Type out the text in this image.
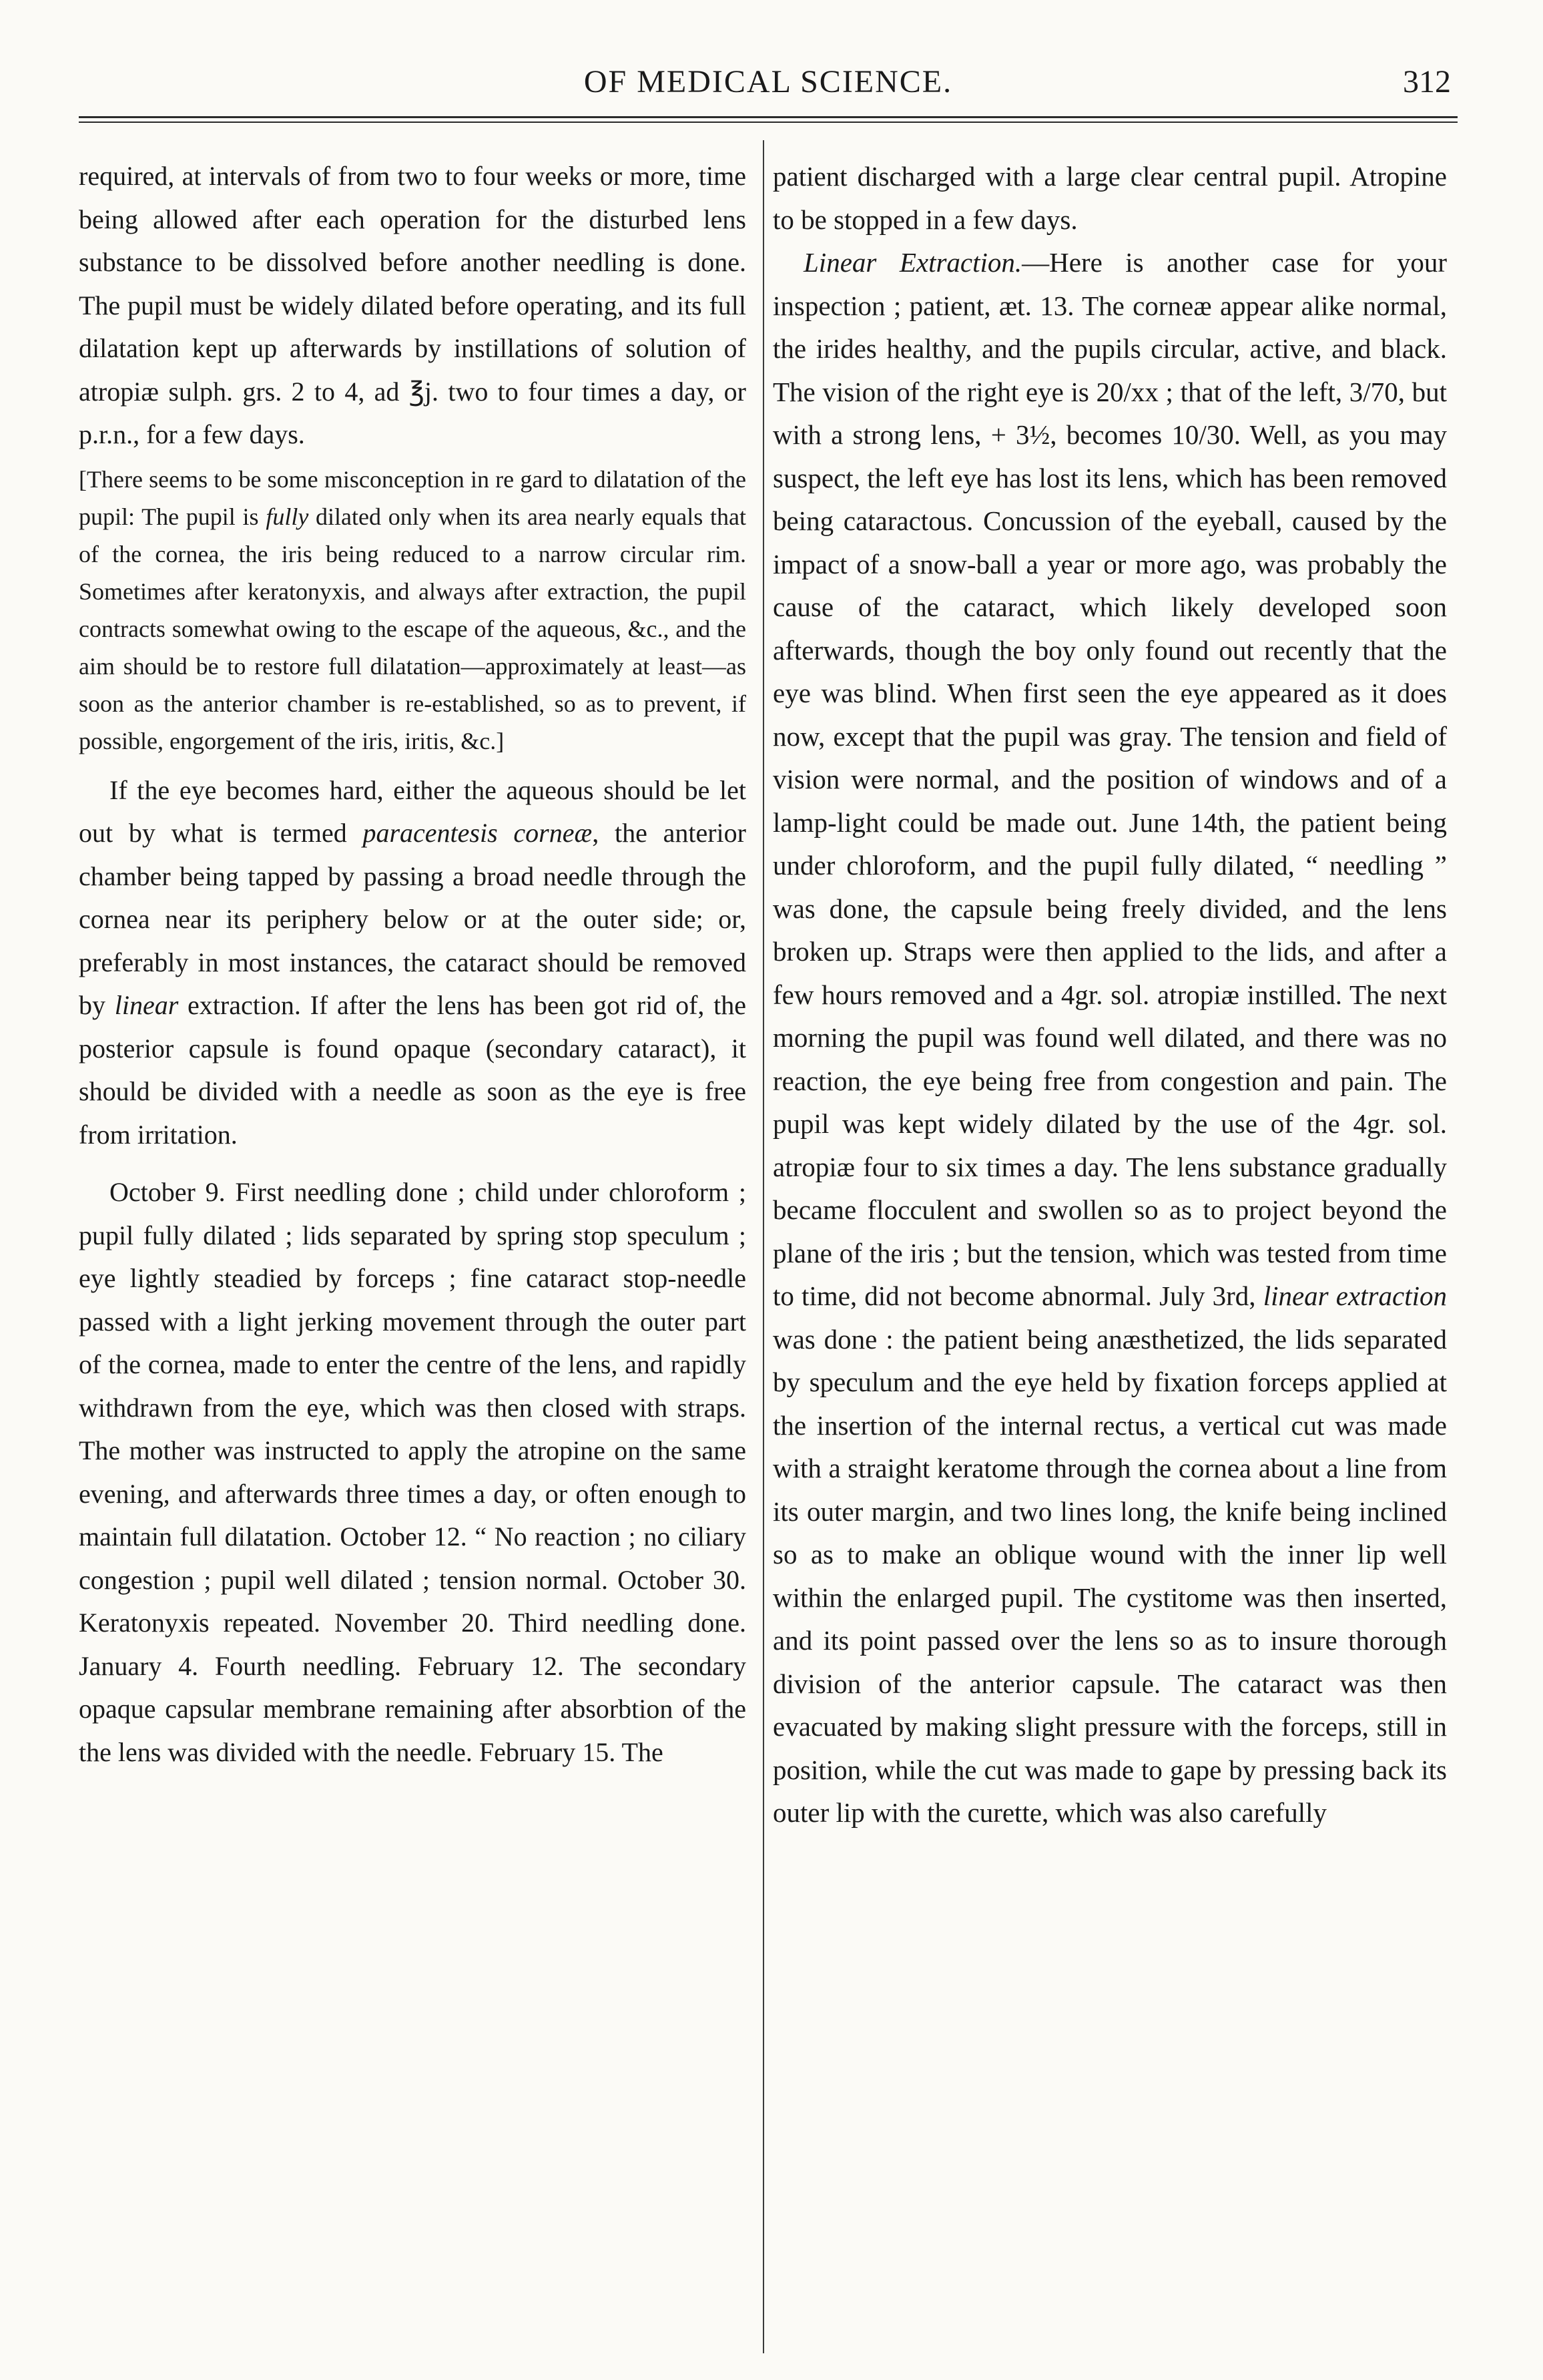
OF MEDICAL SCIENCE.	312

required, at intervals of from two to four weeks or more, time being allowed after each operation for the disturbed lens substance to be dissolved before another needling is done. The pupil must be widely dilated before operating, and its full dilatation kept up afterwards by instillations of solution of atropiæ sulph. grs. 2 to 4, ad ℥j. two to four times a day, or p.r.n., for a few days.

[There seems to be some misconception in re gard to dilatation of the pupil: The pupil is fully dilated only when its area nearly equals that of the cornea, the iris being reduced to a narrow circular rim. Sometimes after keratonyxis, and always after extraction, the pupil contracts somewhat owing to the escape of the aqueous, &c., and the aim should be to restore full dilatation—approximately at least—as soon as the anterior chamber is re-established, so as to prevent, if possible, engorgement of the iris, iritis, &c.]

If the eye becomes hard, either the aqueous should be let out by what is termed paracentesis corneæ, the anterior chamber being tapped by passing a broad needle through the cornea near its periphery below or at the outer side; or, preferably in most instances, the cataract should be removed by linear extraction. If after the lens has been got rid of, the posterior capsule is found opaque (secondary cataract), it should be divided with a needle as soon as the eye is free from irritation.

October 9. First needling done ; child under chloroform ; pupil fully dilated ; lids separated by spring stop speculum ; eye lightly steadied by forceps ; fine cataract stop-needle passed with a light jerking movement through the outer part of the cornea, made to enter the centre of the lens, and rapidly withdrawn from the eye, which was then closed with straps. The mother was instructed to apply the atropine on the same evening, and afterwards three times a day, or often enough to maintain full dilatation. October 12. “ No reaction ; no ciliary congestion ; pupil well dilated ; tension normal. October 30. Keratonyxis repeated. November 20. Third needling done. January 4. Fourth needling. February 12. The secondary opaque capsular membrane remaining after absorbtion of the the lens was divided with the needle. February 15. The

patient discharged with a large clear central pupil. Atropine to be stopped in a few days.

Linear Extraction.—Here is another case for your inspection ; patient, æt. 13. The corneæ appear alike normal, the irides healthy, and the pupils circular, active, and black. The vision of the right eye is 20/xx ; that of the left, 3/70, but with a strong lens, + 3½, becomes 10/30. Well, as you may suspect, the left eye has lost its lens, which has been removed being cataractous. Concussion of the eyeball, caused by the impact of a snow-ball a year or more ago, was probably the cause of the cataract, which likely developed soon afterwards, though the boy only found out recently that the eye was blind. When first seen the eye appeared as it does now, except that the pupil was gray. The tension and field of vision were normal, and the position of windows and of a lamp-light could be made out. June 14th, the patient being under chloroform, and the pupil fully dilated, “ needling ” was done, the capsule being freely divided, and the lens broken up. Straps were then applied to the lids, and after a few hours removed and a 4gr. sol. atropiæ instilled. The next morning the pupil was found well dilated, and there was no reaction, the eye being free from congestion and pain. The pupil was kept widely dilated by the use of the 4gr. sol. atropiæ four to six times a day. The lens substance gradually became flocculent and swollen so as to project beyond the plane of the iris ; but the tension, which was tested from time to time, did not become abnormal. July 3rd, linear extraction was done : the patient being anæsthetized, the lids separated by speculum and the eye held by fixation forceps applied at the insertion of the internal rectus, a vertical cut was made with a straight keratome through the cornea about a line from its outer margin, and two lines long, the knife being inclined so as to make an oblique wound with the inner lip well within the enlarged pupil. The cystitome was then inserted, and its point passed over the lens so as to insure thorough division of the anterior capsule. The cataract was then evacuated by making slight pressure with the forceps, still in position, while the cut was made to gape by pressing back its outer lip with the curette, which was also carefully
